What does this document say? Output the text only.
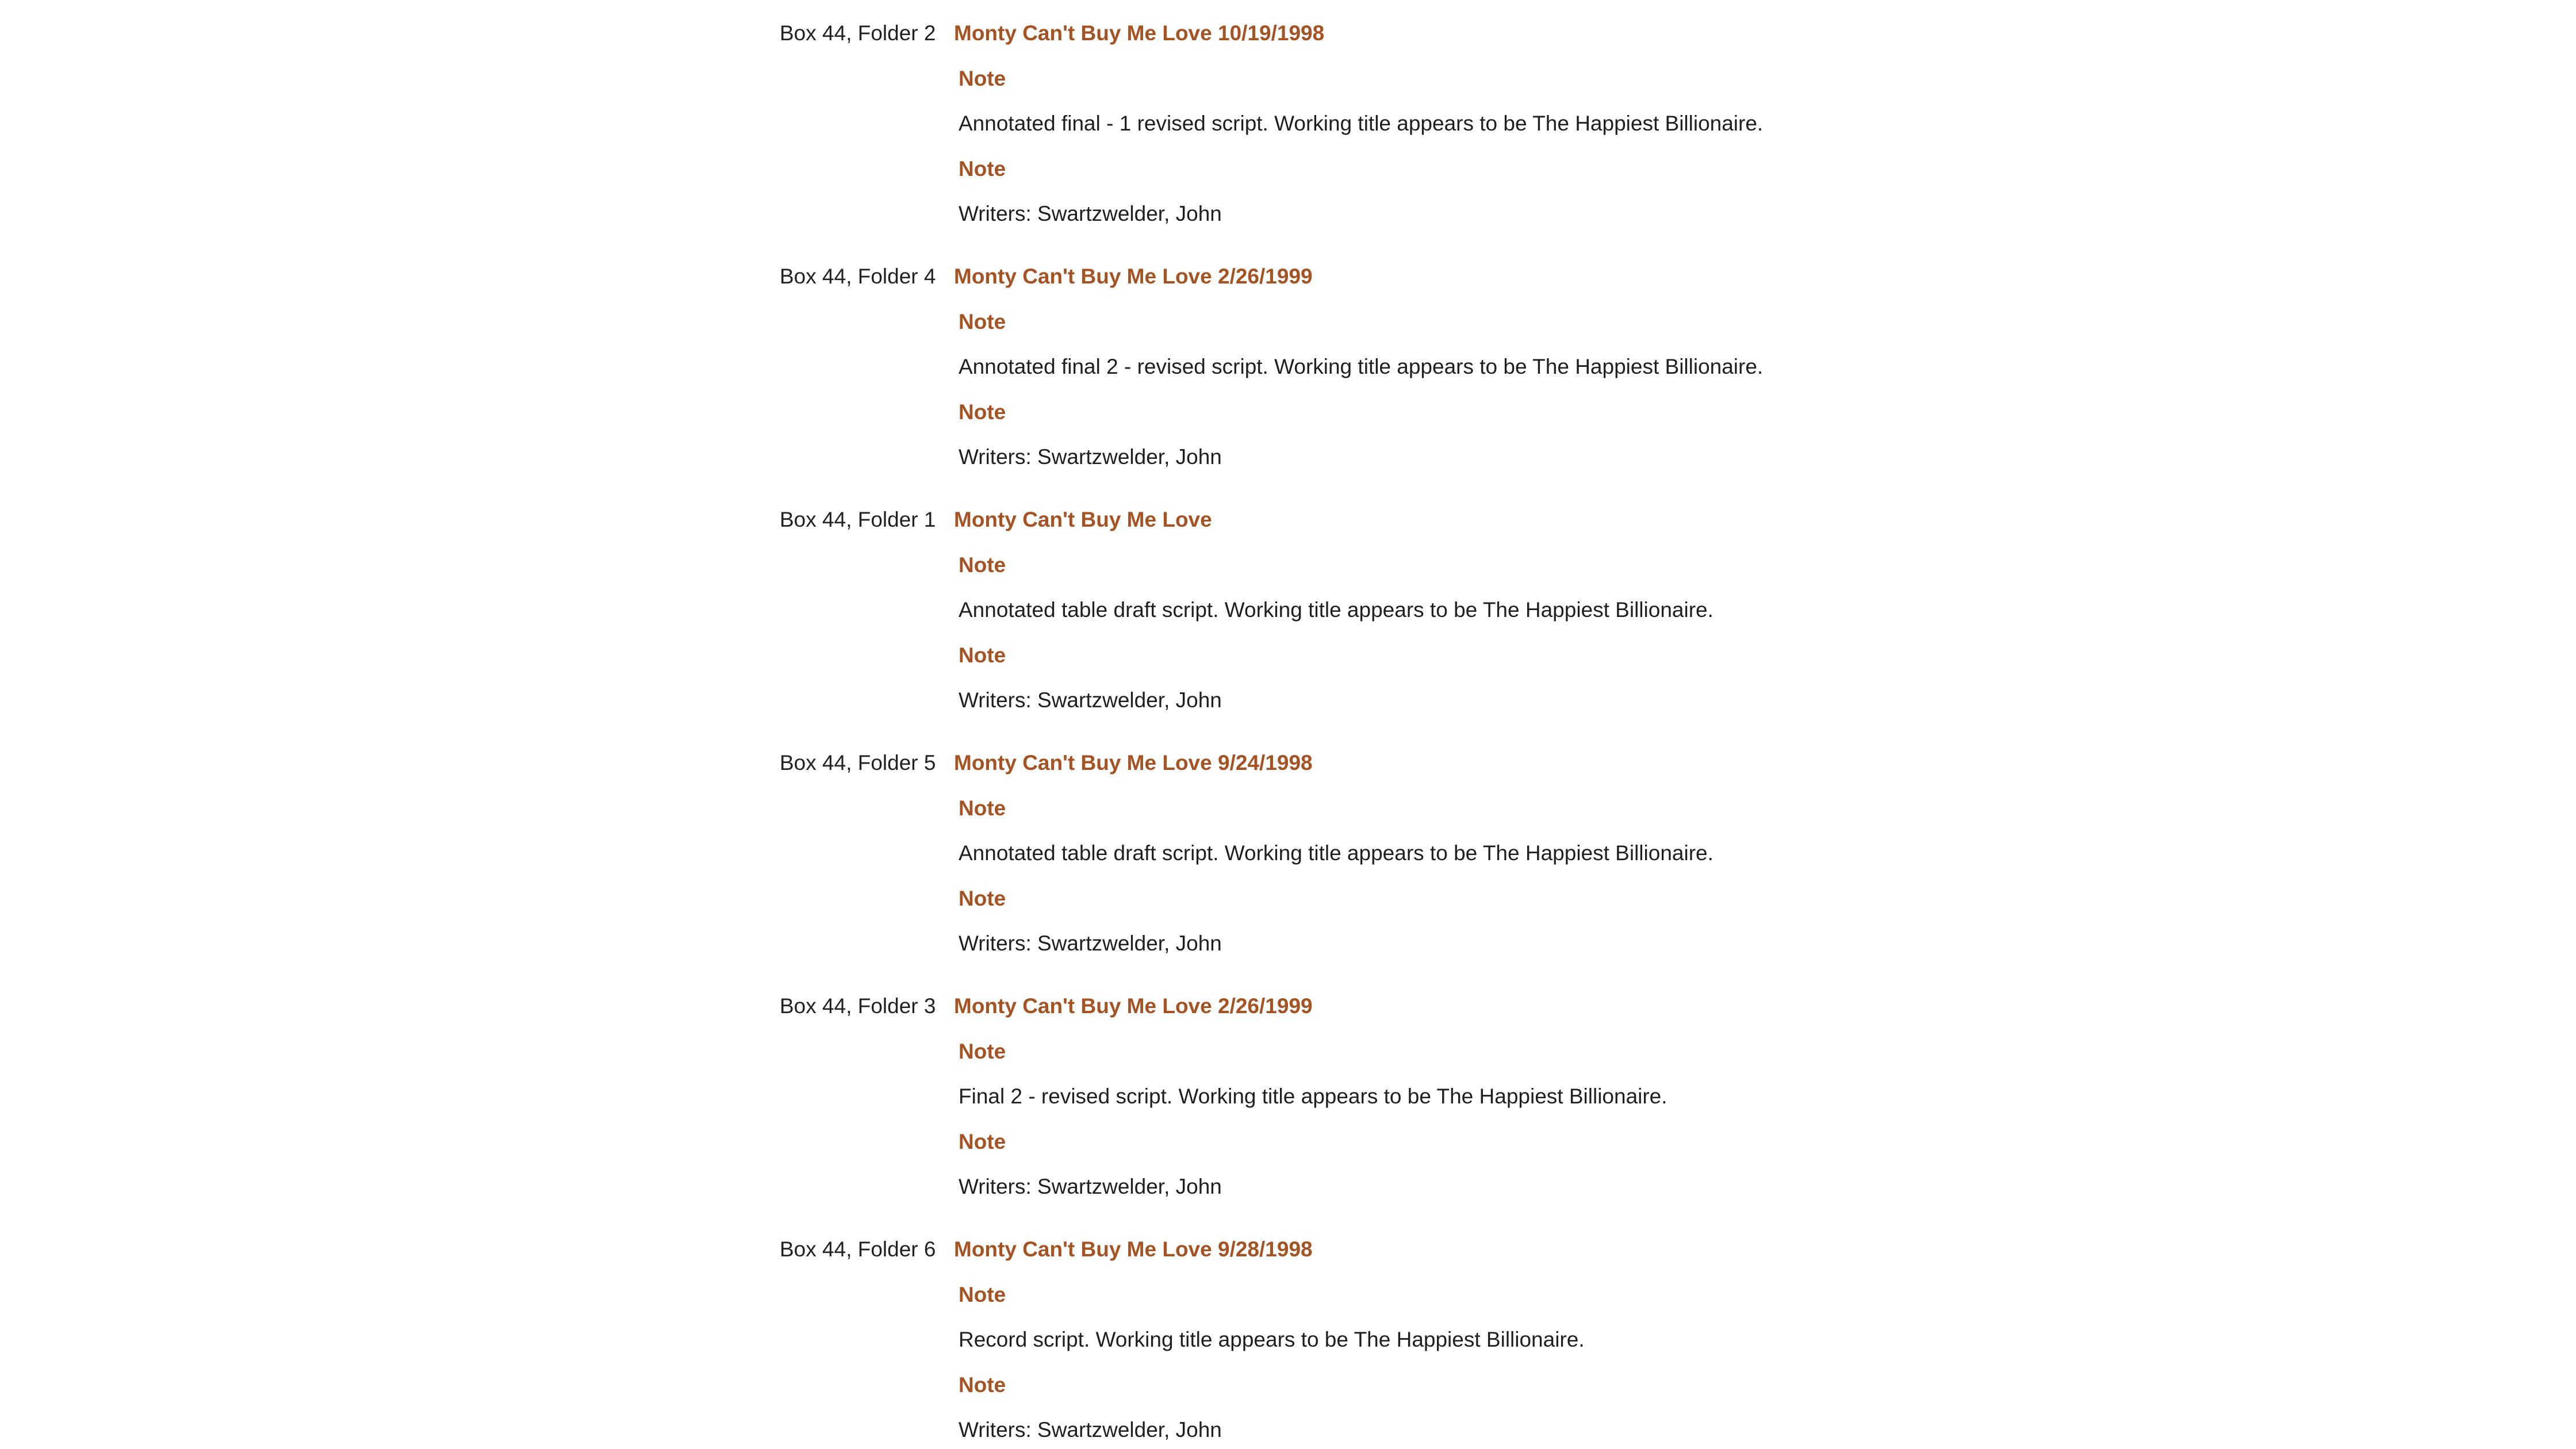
Box 44, Folder 2 Monty Can't Buy Me Love 10/19/1998
Note
Annotated final - 1 revised script. Working title appears to be The Happiest Billionaire.
Note
Writers: Swartzwelder, John
Box 44, Folder 4 Monty Can't Buy Me Love 2/26/1999
Note
Annotated final 2 - revised script. Working title appears to be The Happiest Billionaire.
Note
Writers: Swartzwelder, John
Box 44, Folder 1 Monty Can't Buy Me Love
Note
Annotated table draft script. Working title appears to be The Happiest Billionaire.
Note
Writers: Swartzwelder, John
Box 44, Folder 5 Monty Can't Buy Me Love 9/24/1998
Note
Annotated table draft script. Working title appears to be The Happiest Billionaire.
Note
Writers: Swartzwelder, John
Box 44, Folder 3 Monty Can't Buy Me Love 2/26/1999
Note
Final 2 - revised script. Working title appears to be The Happiest Billionaire.
Note
Writers: Swartzwelder, John
Box 44, Folder 6 Monty Can't Buy Me Love 9/28/1998
Note
Record script. Working title appears to be The Happiest Billionaire.
Note
Writers: Swartzwelder, John
